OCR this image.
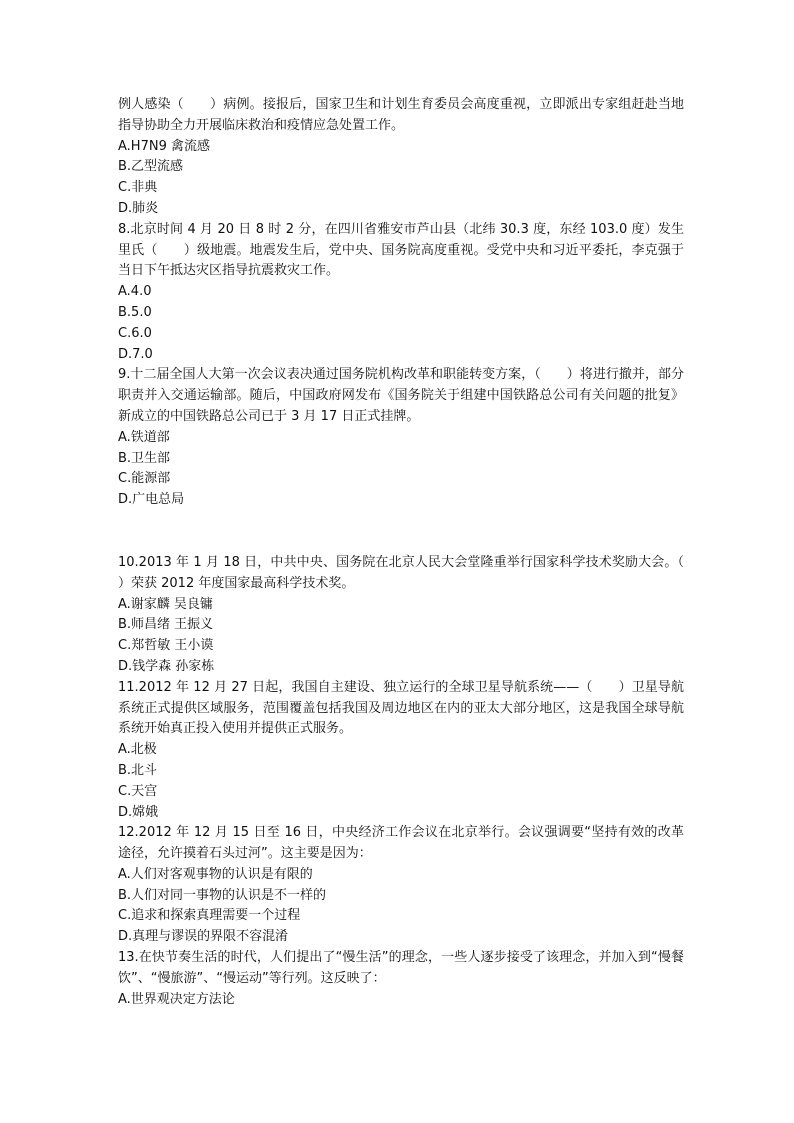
例人感染（　　）病例。接报后，国家卫生和计划生育委员会高度重视，立即派出专家组赶赴当地指导协助全力开展临床救治和疫情应急处置工作。
A.H7N9 禽流感
B.乙型流感
C.非典
D.肺炎
8.北京时间 4 月 20 日 8 时 2 分，在四川省雅安市芦山县（北纬 30.3 度，东经 103.0 度）发生里氏（　　）级地震。地震发生后，党中央、国务院高度重视。受党中央和习近平委托，李克强于当日下午抵达灾区指导抗震救灾工作。
A.4.0
B.5.0
C.6.0
D.7.0
9.十二届全国人大第一次会议表决通过国务院机构改革和职能转变方案，（　　）将进行撤并，部分职责并入交通运输部。随后，中国政府网发布《国务院关于组建中国铁路总公司有关问题的批复》新成立的中国铁路总公司已于 3 月 17 日正式挂牌。
A.铁道部
B.卫生部
C.能源部
D.广电总局
10.2013 年 1 月 18 日，中共中央、国务院在北京人民大会堂隆重举行国家科学技术奖励大会。（　　）荣获 2012 年度国家最高科学技术奖。
A.谢家麟 吴良镛
B.师昌绪 王振义
C.郑哲敏 王小谟
D.钱学森 孙家栋
11.2012 年 12 月 27 日起，我国自主建设、独立运行的全球卫星导航系统——（　　）卫星导航系统正式提供区域服务，范围覆盖包括我国及周边地区在内的亚太大部分地区，这是我国全球导航系统开始真正投入使用并提供正式服务。
A.北极
B.北斗
C.天宫
D.嫦娥
12.2012 年 12 月 15 日至 16 日，中央经济工作会议在北京举行。会议强调要“坚持有效的改革途径，允许摸着石头过河”。这主要是因为：
A.人们对客观事物的认识是有限的
B.人们对同一事物的认识是不一样的
C.追求和探索真理需要一个过程
D.真理与谬误的界限不容混淆
13.在快节奏生活的时代，人们提出了“慢生活”的理念，一些人逐步接受了该理念，并加入到“慢餐饮”、“慢旅游”、“慢运动”等行列。这反映了：
A.世界观决定方法论
